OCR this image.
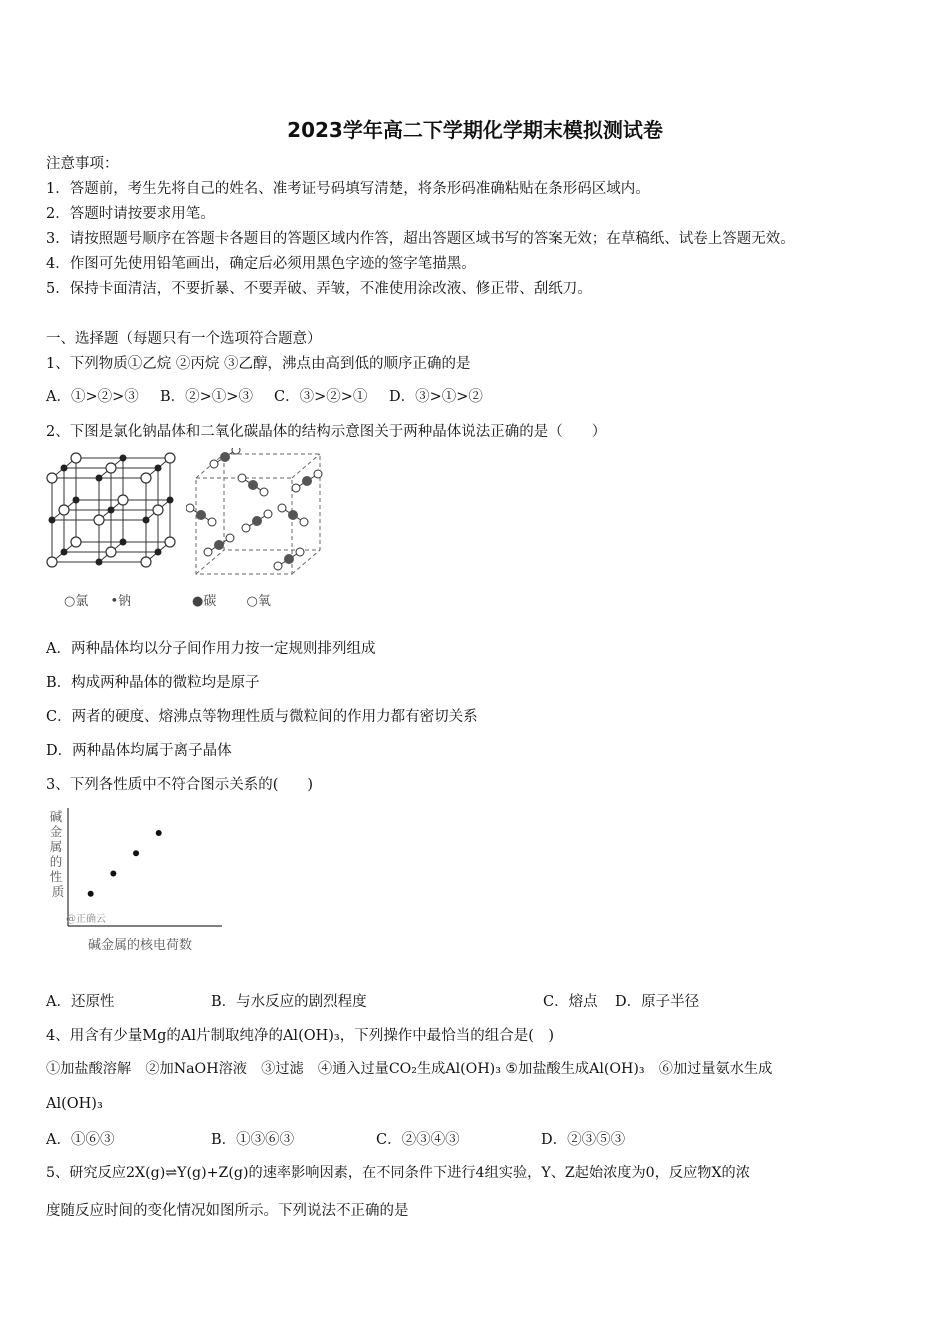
2023学年高二下学期化学期末模拟测试卷
注意事项：
1．答题前，考生先将自己的姓名、准考证号码填写清楚，将条形码准确粘贴在条形码区域内。
2．答题时请按要求用笔。
3．请按照题号顺序在答题卡各题目的答题区域内作答，超出答题区域书写的答案无效；在草稿纸、试卷上答题无效。
4．作图可先使用铅笔画出，确定后必须用黑色字迹的签字笔描黑。
5．保持卡面清洁，不要折暴、不要弄破、弄皱，不准使用涂改液、修正带、刮纸刀。
一、选择题（每题只有一个选项符合题意）
1、下列物质①乙烷 ②丙烷 ③乙醇，沸点由高到低的顺序正确的是
A．①>②>③ B．②>①>③ C．③>②>① D．③>①>②
2、下图是氯化钠晶体和二氧化碳晶体的结构示意图关于两种晶体说法正确的是（　　）
○氯 •钠	●碳 ○氧
A．两种晶体均以分子间作用力按一定规则排列组成
B．构成两种晶体的微粒均是原子
C．两者的硬度、熔沸点等物理性质与微粒间的作用力都有密切关系
D．两种晶体均属于离子晶体
3、下列各性质中不符合图示关系的(　　)
碱 金 属 的 性 质
@正确云
碱金属的核电荷数
A．还原性	B．与水反应的剧烈程度	C．熔点 D．原子半径
4、用含有少量Mg的Al片制取纯净的Al(OH)₃，下列操作中最恰当的组合是(　)
①加盐酸溶解　②加NaOH溶液　③过滤　④通入过量CO₂生成Al(OH)₃ ⑤加盐酸生成Al(OH)₃　⑥加过量氨水生成
Al(OH)₃
A．①⑥③	B．①③⑥③	C．②③④③	D．②③⑤③
5、研究反应2X(g)⇌Y(g)+Z(g)的速率影响因素，在不同条件下进行4组实验，Y、Z起始浓度为0，反应物X的浓
度随反应时间的变化情况如图所示。下列说法不正确的是
